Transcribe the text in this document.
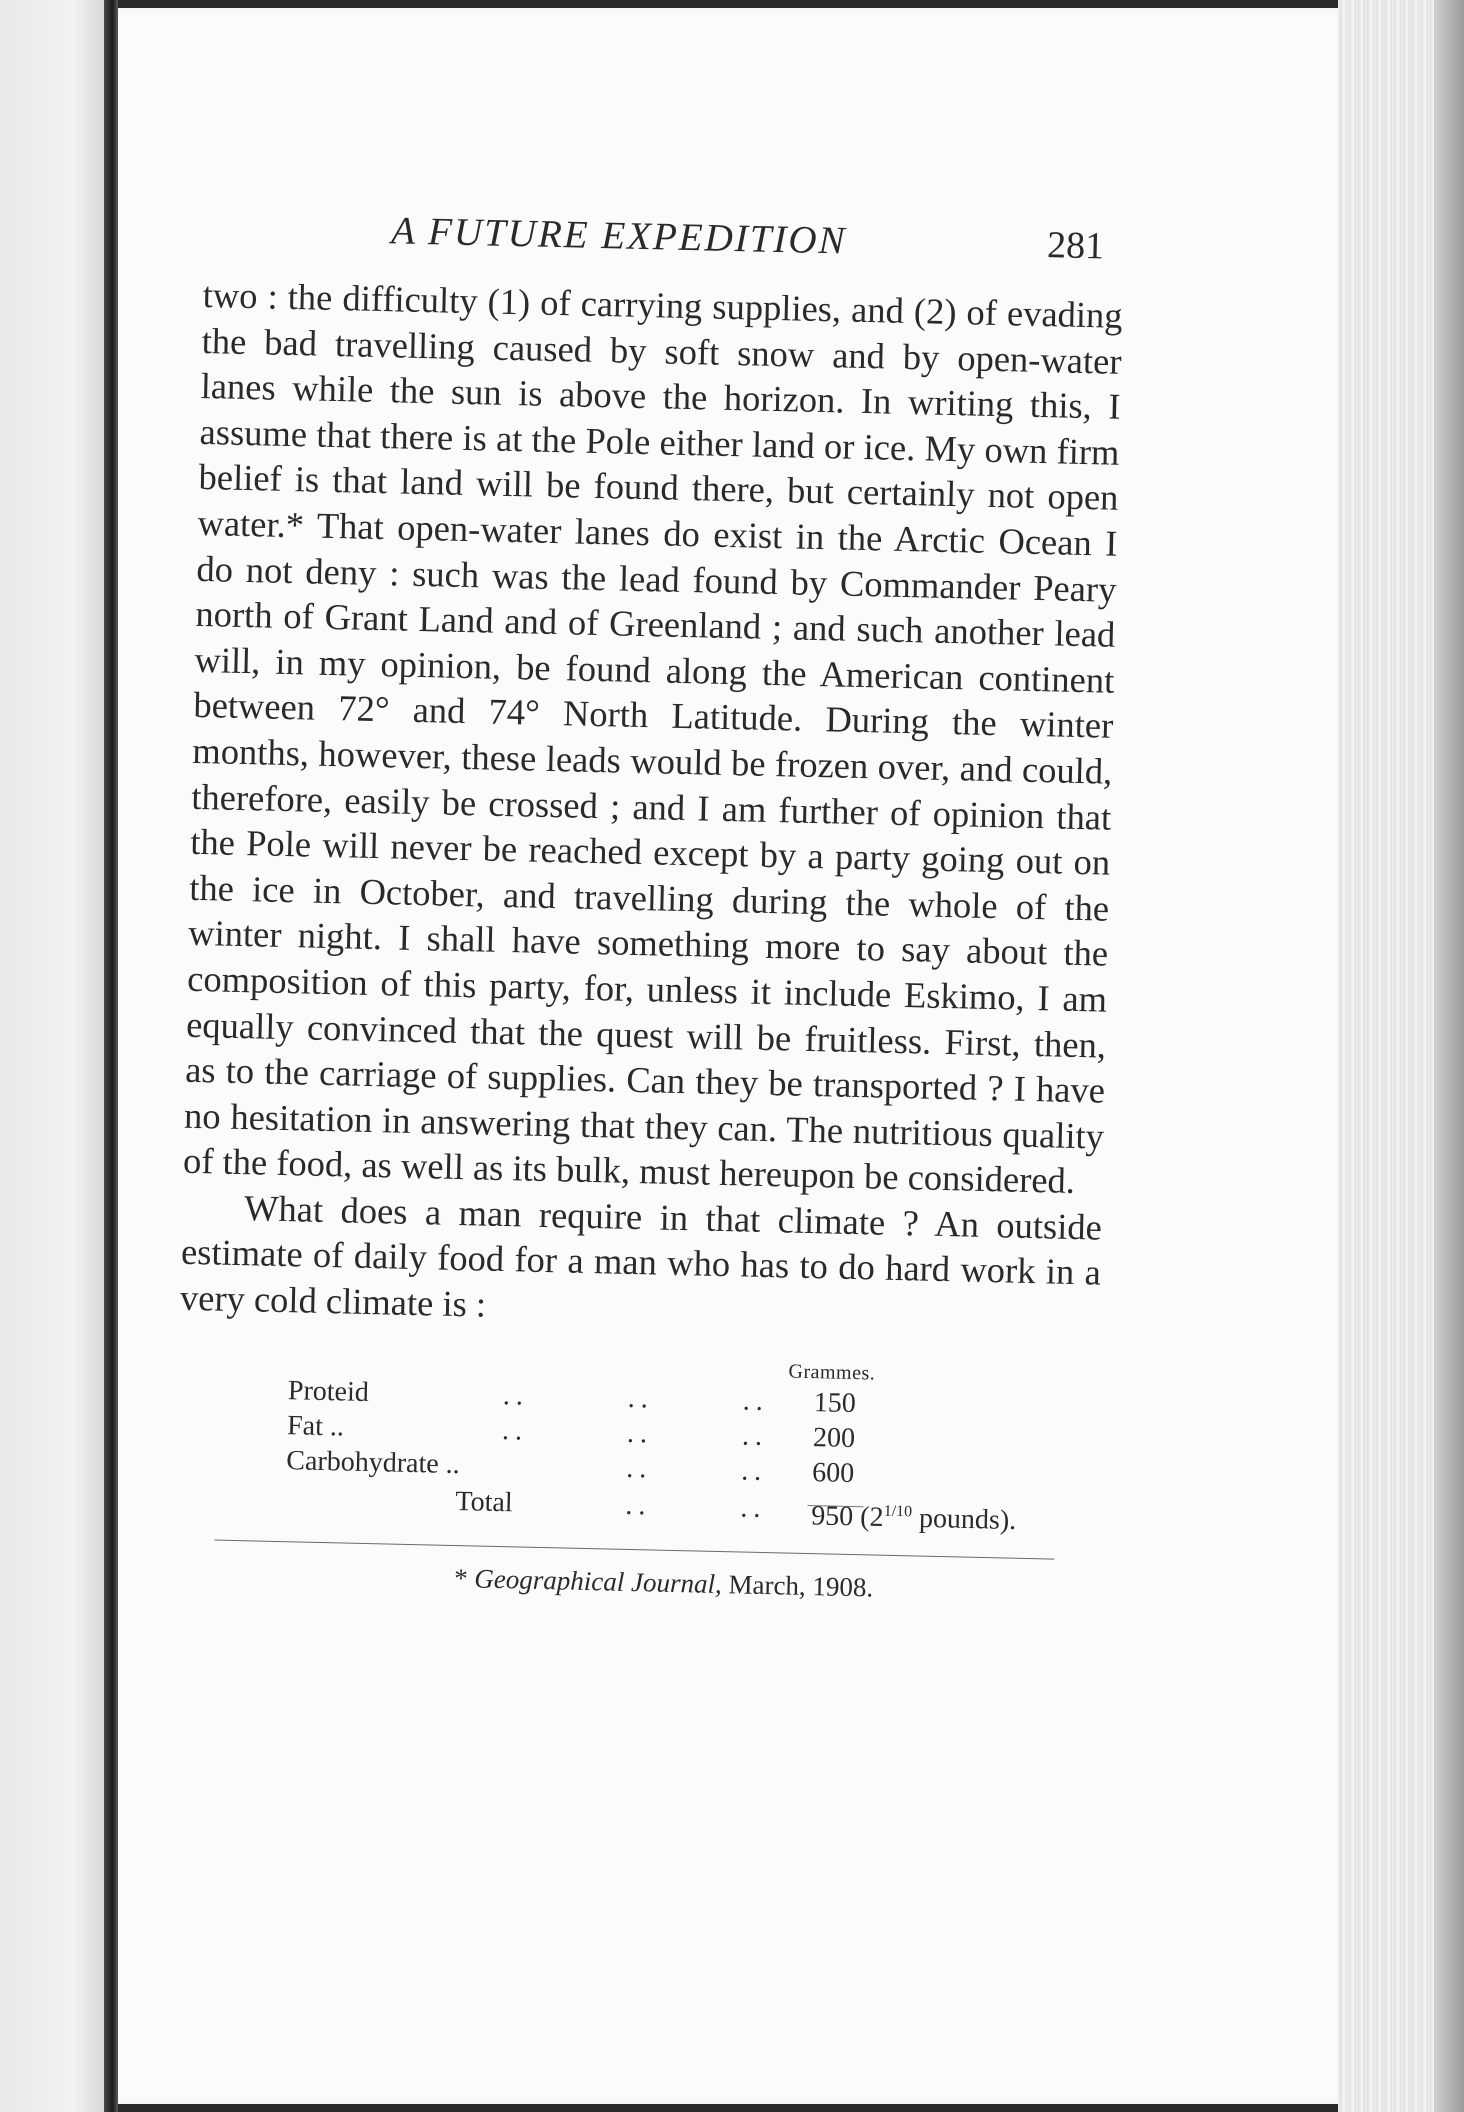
A FUTURE EXPEDITION	281

two : the difficulty (1) of carrying supplies, and (2) of evading the bad travelling caused by soft snow and by open-water lanes while the sun is above the horizon. In writing this, I assume that there is at the Pole either land or ice. My own firm belief is that land will be found there, but certainly not open water.* That open-water lanes do exist in the Arctic Ocean I do not deny : such was the lead found by Commander Peary north of Grant Land and of Greenland ; and such another lead will, in my opinion, be found along the American continent between 72° and 74° North Latitude. During the winter months, however, these leads would be frozen over, and could, therefore, easily be crossed ; and I am further of opinion that the Pole will never be reached except by a party going out on the ice in October, and travelling during the whole of the winter night. I shall have something more to say about the composition of this party, for, unless it include Eskimo, I am equally convinced that the quest will be fruitless. First, then, as to the carriage of supplies. Can they be transported ? I have no hesitation in answering that they can. The nutritious quality of the food, as well as its bulk, must hereupon be considered.

What does a man require in that climate ? An outside estimate of daily food for a man who has to do hard work in a very cold climate is :

Grammes.
Proteid	..	..	.. 150
Fat ..	..	..	.. 200
Carbohydrate ..	..	.. 600
Total	..	.. 950 ($2^{1/10}$ pounds).
* Geographical Journal, March, 1908.
